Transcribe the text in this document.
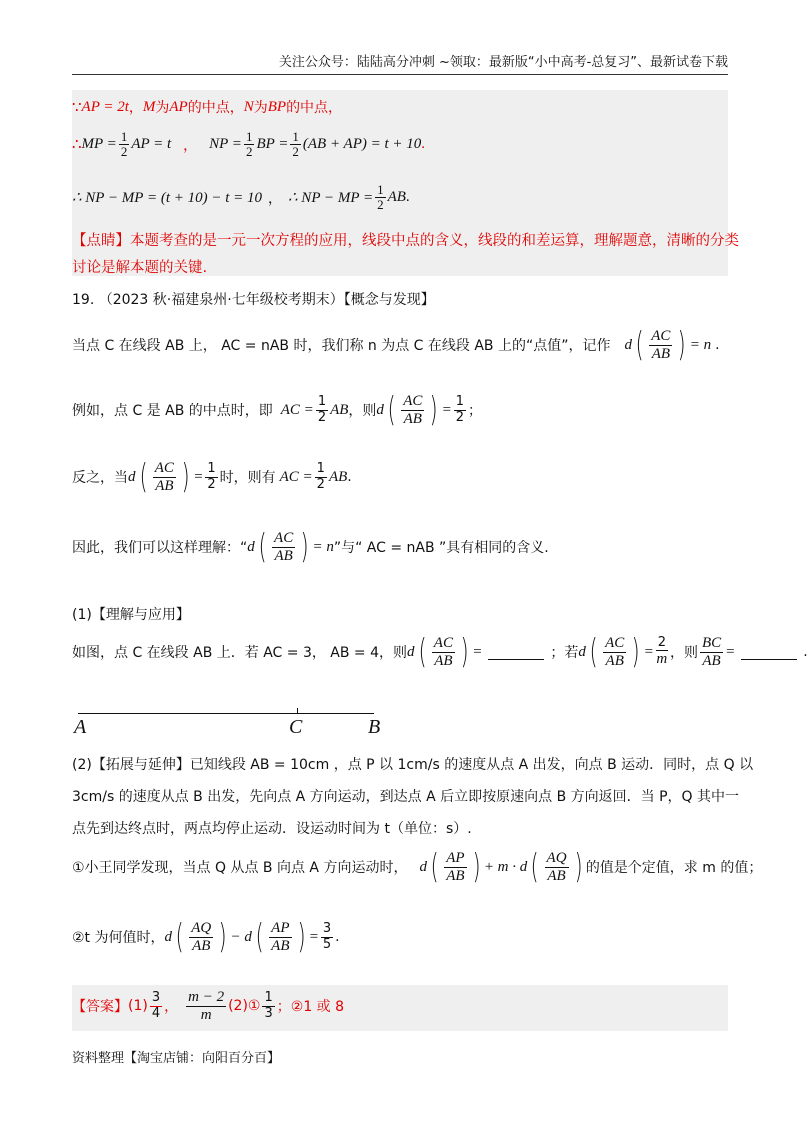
关注公众号：陆陆高分冲刺 ~领取：最新版“小中高考-总复习”、最新试卷下载
∵ AP = 2t ， M 为 AP 的中点， N 为 BP 的中点，
∴ MP = $\frac{1}{2}$ AP = t ， NP = $\frac{1}{2}$ BP = $\frac{1}{2} (AB + AP) = t + 10$ .
∴ NP − MP = (t + 10) − t = 10 ， ∴ NP − MP = $\frac{1}{2}$ AB .
【点睛】本题考查的是一元一次方程的应用，线段中点的含义，线段的和差运算，理解题意，清晰的分类
讨论是解本题的关键.
19. （2023 秋·福建泉州·七年级校考期末）【概念与发现】
当点 C 在线段 AB 上， AC = nAB 时，我们称 n 为点 C 在线段 AB 上的“点值”，记作 d ( AC
AB ) = n .
例如，点 C 是 AB 的中点时，即 AC = $\frac{1}{2}$ AB ，则 d ( AC
AB ) = $\frac{1}{2}$ ；
反之，当 d ( AC
AB ) = $\frac{1}{2}$ 时，则有 AC = $\frac{1}{2}$ AB .
因此，我们可以这样理解：“ d ( AC
AB ) = n ”与“ AC = nAB ”具有相同的含义.
(1)【理解与应用】
如图，点 C 在线段 AB 上．若 AC = 3， AB = 4，则 d ( AC
AB ) =	；若 d ( AC
AB ) = $\frac{2}{m}$ ，则 $\frac{BC}{AB}$ =	.
A	C	B
(2)【拓展与延伸】已知线段 AB = 10cm ，点 P 以 1cm/s 的速度从点 A 出发，向点 B 运动．同时，点 Q 以
3cm/s 的速度从点 B 出发，先向点 A 方向运动，到达点 A 后立即按原速向点 B 方向返回．当 P，Q 其中一
点先到达终点时，两点均停止运动．设运动时间为 t（单位：s）.
①小王同学发现，当点 Q 从点 B 向点 A 方向运动时， d ( AP
AB ) + m · d ( AQ
AB ) 的值是个定值，求 m 的值；
②t 为何值时， d ( AQ
AB ) − d ( AP
AB ) = $\frac{3}{5}$ .
【答案】 $(1) \frac{3}{4}$ ， $\frac{m - 2}{m}$ (2)① $\frac{1}{3}$ ；②1 或 8
资料整理【淘宝店铺：向阳百分百】
